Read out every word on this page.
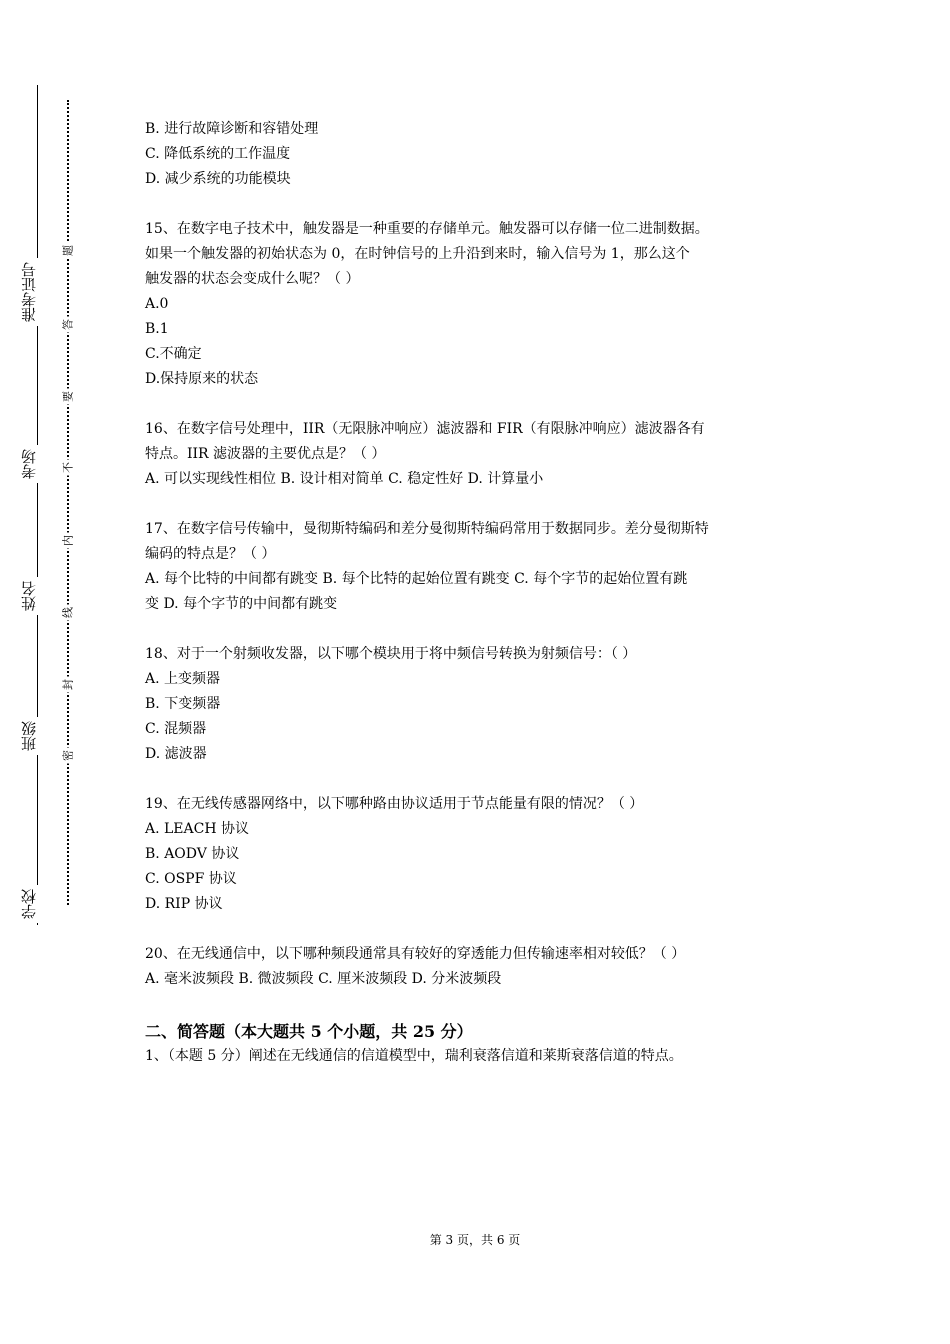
准考证号
考场
姓名
班级
学校
题
答
要
不
内
线
封
密
B. 进行故障诊断和容错处理
C. 降低系统的工作温度
D. 减少系统的功能模块
15、在数字电子技术中，触发器是一种重要的存储单元。触发器可以存储一位二进制数据。
如果一个触发器的初始状态为 0，在时钟信号的上升沿到来时，输入信号为 1，那么这个
触发器的状态会变成什么呢？（ ）
A.0
B.1
C.不确定
D.保持原来的状态
16、在数字信号处理中，IIR（无限脉冲响应）滤波器和 FIR（有限脉冲响应）滤波器各有
特点。IIR 滤波器的主要优点是？（ ）
A. 可以实现线性相位 B. 设计相对简单 C. 稳定性好 D. 计算量小
17、在数字信号传输中，曼彻斯特编码和差分曼彻斯特编码常用于数据同步。差分曼彻斯特
编码的特点是？（ ）
A. 每个比特的中间都有跳变 B. 每个比特的起始位置有跳变 C. 每个字节的起始位置有跳
变 D. 每个字节的中间都有跳变
18、对于一个射频收发器，以下哪个模块用于将中频信号转换为射频信号：（ ）
A. 上变频器
B. 下变频器
C. 混频器
D. 滤波器
19、在无线传感器网络中，以下哪种路由协议适用于节点能量有限的情况？（ ）
A. LEACH 协议
B. AODV 协议
C. OSPF 协议
D. RIP 协议
20、在无线通信中，以下哪种频段通常具有较好的穿透能力但传输速率相对较低？（ ）
A. 毫米波频段 B. 微波频段 C. 厘米波频段 D. 分米波频段
二、简答题（本大题共 5 个小题，共 25 分）
1、（本题 5 分）阐述在无线通信的信道模型中，瑞利衰落信道和莱斯衰落信道的特点。
第 3 页，共 6 页
